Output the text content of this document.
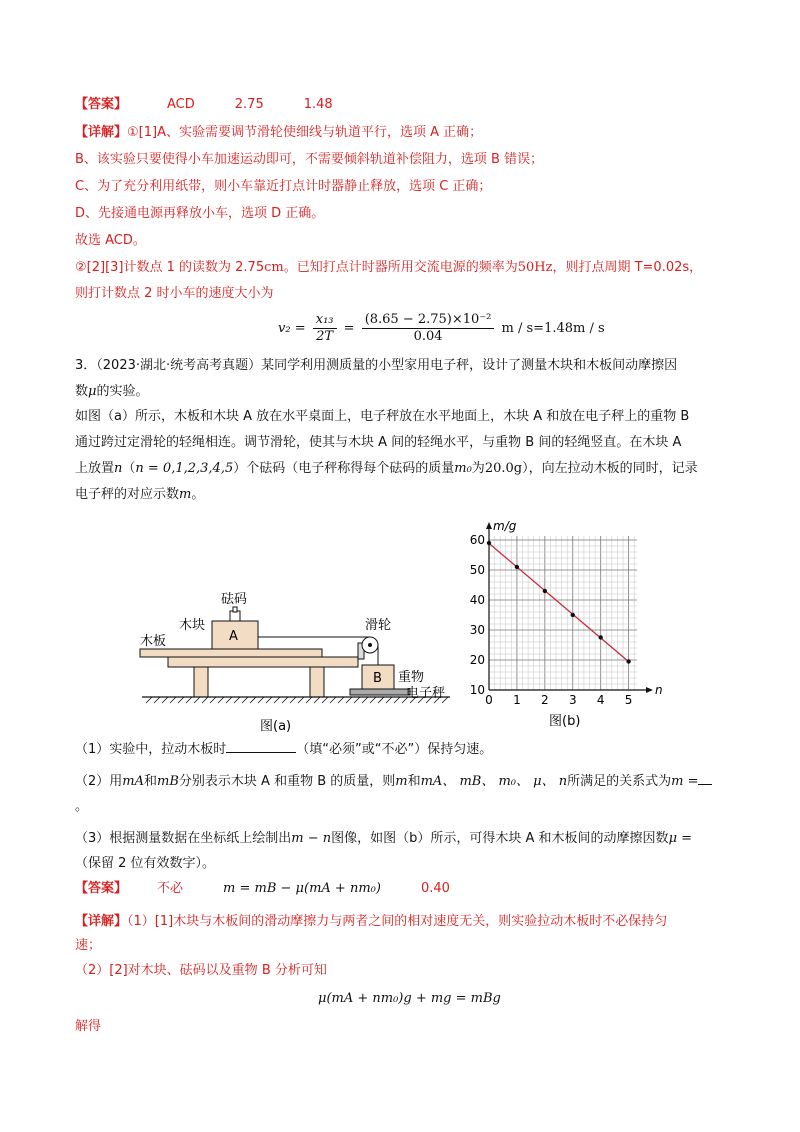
【答案】	ACD	2.75	1.48
【详解】①[1]A、实验需要调节滑轮使细线与轨道平行，选项 A 正确；
B、该实验只要使得小车加速运动即可，不需要倾斜轨道补偿阻力，选项 B 错误；
C、为了充分利用纸带，则小车靠近打点计时器静止释放，选项 C 正确；
D、先接通电源再释放小车，选项 D 正确。
故选 ACD。
②[2][3]计数点 1 的读数为 2.75cm。已知打点计时器所用交流电源的频率为50Hz，则打点周期 T=0.02s，
则打计数点 2 时小车的速度大小为
$v_2 = \frac{\text{x₁₃}}{2T} = \frac{\text{(8.65 − 2.75)×10⁻²}}{0.04}$ m / s=1.48m / s
3．（2023·湖北·统考高考真题）某同学利用测质量的小型家用电子秤，设计了测量木块和木板间动摩擦因
数μ的实验。
如图（a）所示，木板和木块 A 放在水平桌面上，电子秤放在水平地面上，木块 A 和放在电子秤上的重物 B
通过跨过定滑轮的轻绳相连。调节滑轮，使其与木块 A 间的轻绳水平，与重物 B 间的轻绳竖直。在木块 A
上放置n（n = 0,1,2,3,4,5）个砝码（电子秤称得每个砝码的质量m₀为20.0g），向左拉动木板的同时，记录
电子秤的对应示数m。
砝码
A
木块
木板
滑轮
B 重物
电子秤
图(a)
0 1 2 3 4 5
10
20
30
40
50
60
m/g
n
图(b)
（1）实验中，拉动木板时	（填“必须”或“不必”）保持匀速。
（2）用mA和mB分别表示木块 A 和重物 B 的质量，则m和mA、 mB、 m₀、 μ、 n所满足的关系式为m =
。
（3）根据测量数据在坐标纸上绘制出m − n图像，如图（b）所示，可得木块 A 和木板间的动摩擦因数μ =
（保留 2 位有效数字）。
【答案】 不必	m = mB − μ(mA + nm₀)	0.40
【详解】（1）[1]木块与木板间的滑动摩擦力与两者之间的相对速度无关，则实验拉动木板时不必保持匀
速；
（2）[2]对木块、砝码以及重物 B 分析可知
μ(mA + nm₀)g + mg = mBg
解得
